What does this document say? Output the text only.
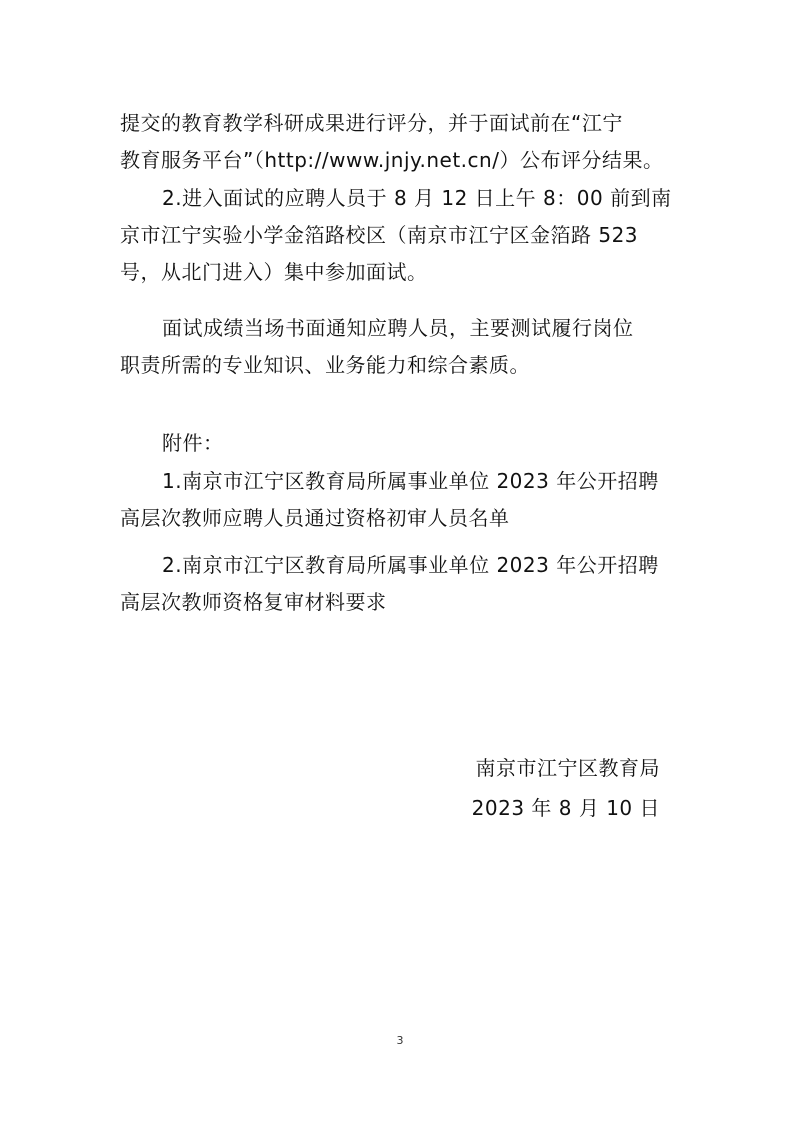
提交的教育教学科研成果进行评分，并于面试前在“江宁
教育服务平台”（http://www.jnjy.net.cn/）公布评分结果。
2.进入面试的应聘人员于 8 月 12 日上午 8：00 前到南
京市江宁实验小学金箔路校区（南京市江宁区金箔路 523
号，从北门进入）集中参加面试。
面试成绩当场书面通知应聘人员，主要测试履行岗位
职责所需的专业知识、业务能力和综合素质。
附件：
1.南京市江宁区教育局所属事业单位 2023 年公开招聘
高层次教师应聘人员通过资格初审人员名单
2.南京市江宁区教育局所属事业单位 2023 年公开招聘
高层次教师资格复审材料要求
南京市江宁区教育局
2023 年 8 月 10 日
3
